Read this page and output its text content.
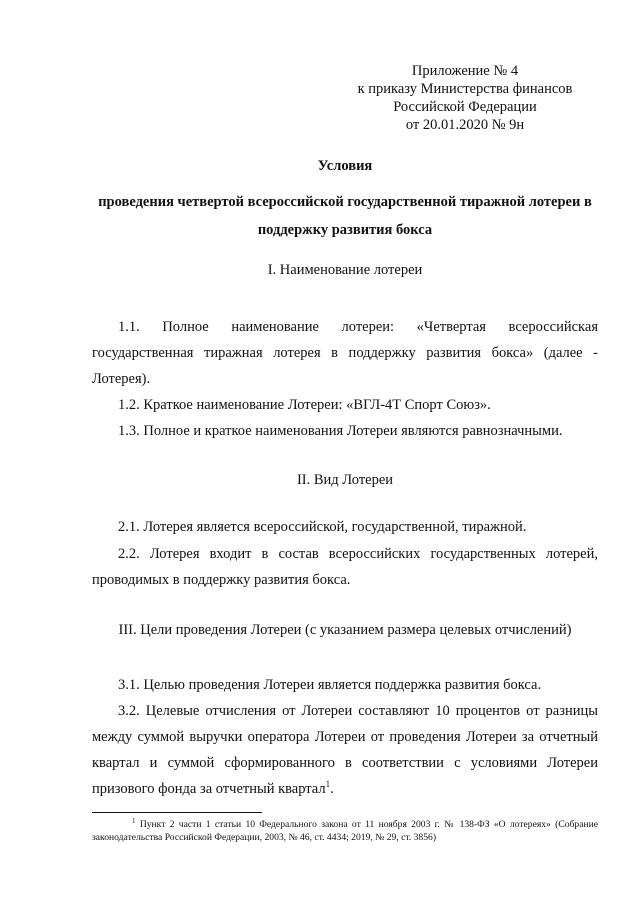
Приложение № 4
к приказу Министерства финансов
Российской Федерации
от 20.01.2020 № 9н
Условия
проведения четвертой всероссийской государственной тиражной лотереи в поддержку развития бокса
I. Наименование лотереи
1.1. Полное наименование лотереи: «Четвертая всероссийская государственная тиражная лотерея в поддержку развития бокса» (далее - Лотерея).
1.2. Краткое наименование Лотереи: «ВГЛ-4Т Спорт Союз».
1.3. Полное и краткое наименования Лотереи являются равнозначными.
II. Вид Лотереи
2.1. Лотерея является всероссийской, государственной, тиражной.
2.2. Лотерея входит в состав всероссийских государственных лотерей, проводимых в поддержку развития бокса.
III. Цели проведения Лотереи (с указанием размера целевых отчислений)
3.1. Целью проведения Лотереи является поддержка развития бокса.
3.2. Целевые отчисления от Лотереи составляют 10 процентов от разницы между суммой выручки оператора Лотереи от проведения Лотереи за отчетный квартал и суммой сформированного в соответствии с условиями Лотереи призового фонда за отчетный квартал$^1$.
$^1$ Пункт 2 части 1 статьи 10 Федерального закона от 11 ноября 2003 г. № 138-ФЗ «О лотереях» (Собрание законодательства Российской Федерации, 2003, № 46, ст. 4434; 2019, № 29, ст. 3856)
